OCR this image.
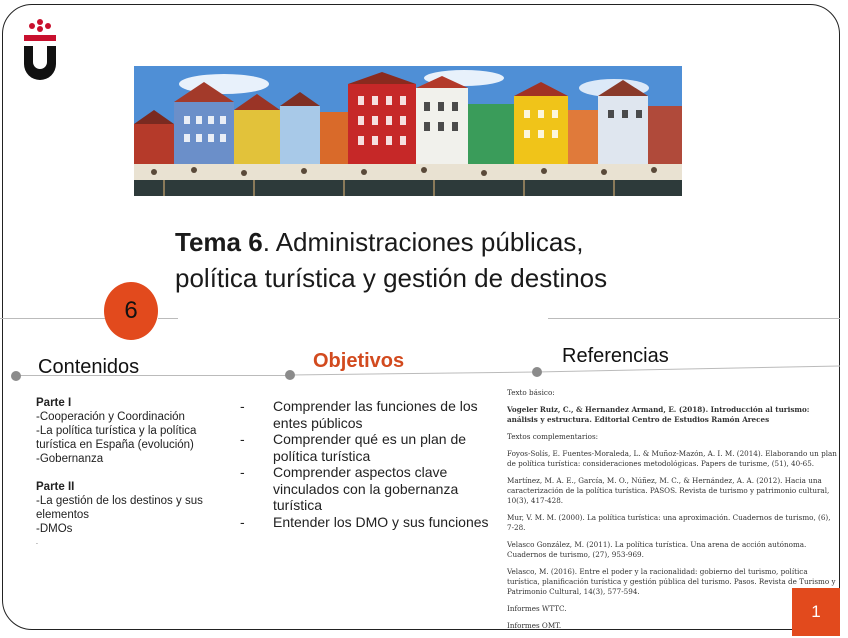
Tema 6. Administraciones públicas,
política turística y gestión de destinos
6
Contenidos	Objetivos	Referencias
Parte I
-Cooperación y Coordinación
-La política turística y la política turística en España (evolución)
-Gobernanza
Parte II
-La gestión de los destinos y sus elementos
-DMOs
.
- Comprender las funciones de los entes públicos
- Comprender qué es un plan de política turística
- Comprender aspectos clave vinculados con la gobernanza turística
- Entender los DMO y sus funciones

Texto básico:

Vogeler Ruiz, C., & Hernandez Armand, E. (2018). Introducción al turismo: análisis y estructura. Editorial Centro de Estudios Ramón Areces

Textos complementarios:

Foyos-Solís, E. Fuentes-Moraleda, L. & Muñoz-Mazón, A. I. M. (2014). Elaborando un plan de política turística: consideraciones metodológicas. Papers de turisme, (51), 40-65.

Martínez, M. A. E., García, M. O., Núñez, M. C., & Hernández, A. A. (2012). Hacia una caracterización de la política turística. PASOS. Revista de turismo y patrimonio cultural, 10(3), 417-428.

Mur, V. M. M. (2000). La política turística: una aproximación. Cuadernos de turismo, (6), 7-28.

Velasco González, M. (2011). La política turística. Una arena de acción autónoma. Cuadernos de turismo, (27), 953-969.

Velasco, M. (2016). Entre el poder y la racionalidad: gobierno del turismo, política turística, planificación turística y gestión pública del turismo. Pasos. Revista de Turismo y Patrimonio Cultural, 14(3), 577-594.

Informes WTTC.

Informes OMT.

1
